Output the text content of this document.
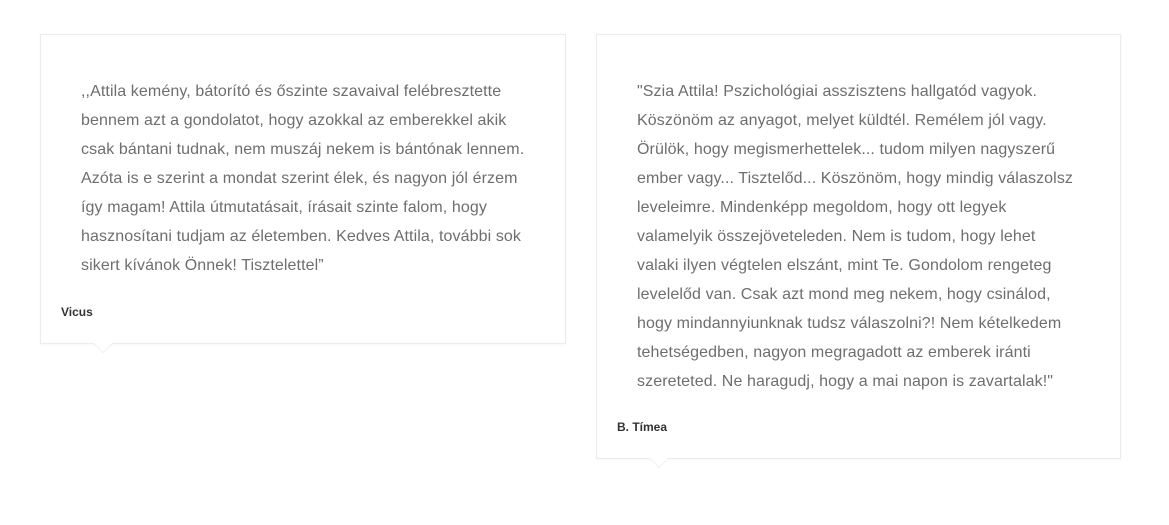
,,Attila kemény, bátorító és őszinte szavaival felébresztette bennem azt a gondolatot, hogy azokkal az emberekkel akik csak bántani tudnak, nem muszáj nekem is bántónak lennem. Azóta is e szerint a mondat szerint élek, és nagyon jól érzem így magam! Attila útmutatásait, írásait szinte falom, hogy hasznosítani tudjam az életemben. Kedves Attila, további sok sikert kívánok Önnek! Tisztelettel”

Vicus

"Szia Attila! Pszichológiai asszisztens hallgatód vagyok. Köszönöm az anyagot, melyet küldtél. Remélem jól vagy. Örülök, hogy megismerhettelek... tudom milyen nagyszerű ember vagy... Tisztelőd... Köszönöm, hogy mindig válaszolsz leveleimre. Mindenképp megoldom, hogy ott legyek valamelyik összejöveteleden. Nem is tudom, hogy lehet valaki ilyen végtelen elszánt, mint Te. Gondolom rengeteg levelelőd van. Csak azt mond meg nekem, hogy csinálod, hogy mindannyiunknak tudsz válaszolni?! Nem kételkedem tehetségedben, nagyon megragadott az emberek iránti szereteted. Ne haragudj, hogy a mai napon is zavartalak!"

B. Tímea
